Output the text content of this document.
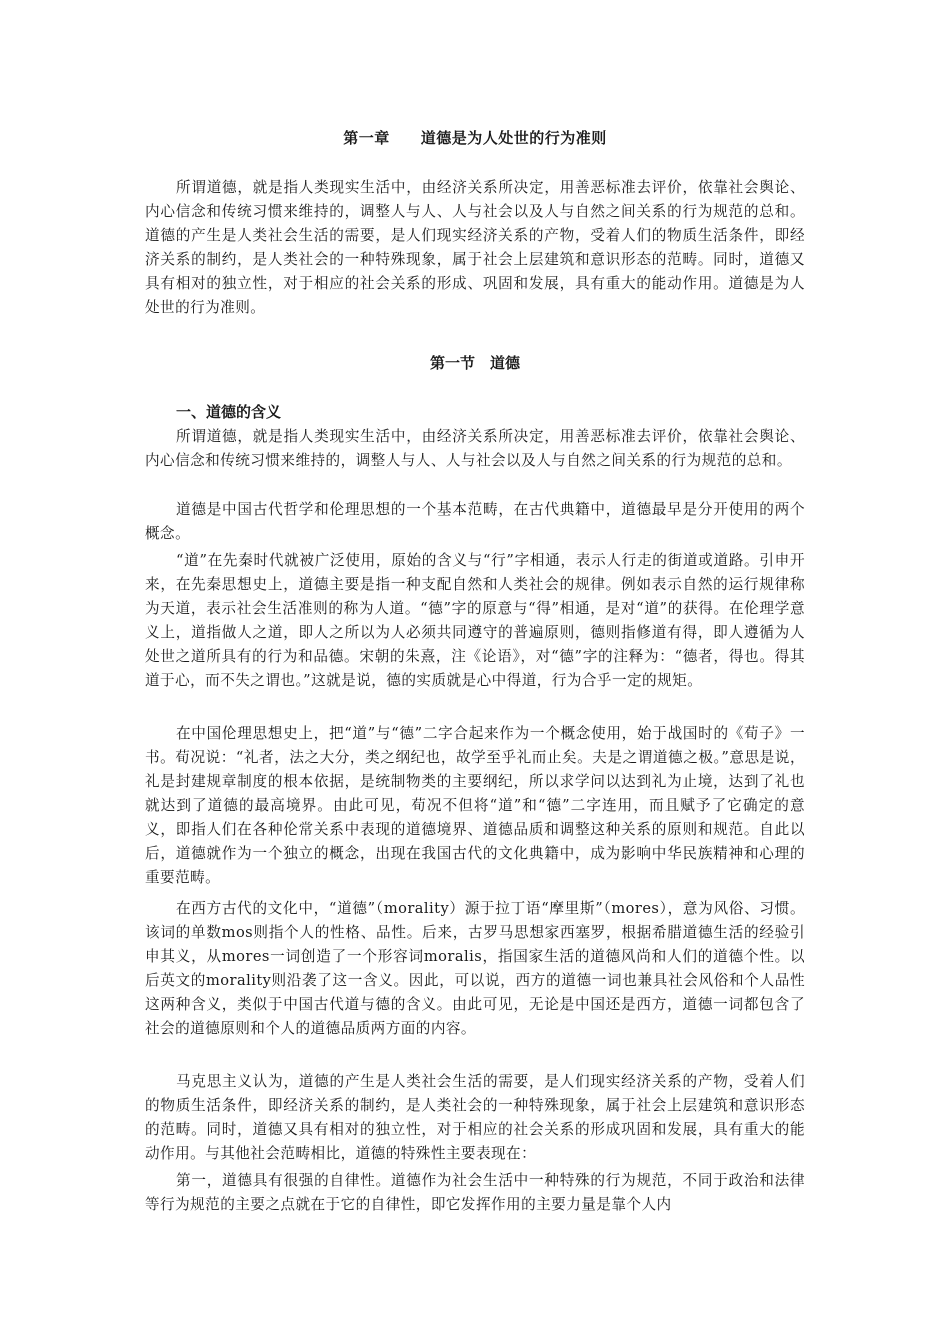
第一章　　道德是为人处世的行为准则

所谓道德，就是指人类现实生活中，由经济关系所决定，用善恶标准去评价，依靠社会舆论、内心信念和传统习惯来维持的，调整人与人、人与社会以及人与自然之间关系的行为规范的总和。道德的产生是人类社会生活的需要，是人们现实经济关系的产物，受着人们的物质生活条件，即经济关系的制约，是人类社会的一种特殊现象，属于社会上层建筑和意识形态的范畴。同时，道德又具有相对的独立性，对于相应的社会关系的形成、巩固和发展，具有重大的能动作用。道德是为人处世的行为准则。

第一节　道德
一、道德的含义

所谓道德，就是指人类现实生活中，由经济关系所决定，用善恶标准去评价，依靠社会舆论、内心信念和传统习惯来维持的，调整人与人、人与社会以及人与自然之间关系的行为规范的总和。

道德是中国古代哲学和伦理思想的一个基本范畴，在古代典籍中，道德最早是分开使用的两个概念。

“道”在先秦时代就被广泛使用，原始的含义与“行”字相通，表示人行走的街道或道路。引申开来，在先秦思想史上，道德主要是指一种支配自然和人类社会的规律。例如表示自然的运行规律称为天道，表示社会生活准则的称为人道。“德”字的原意与“得”相通，是对“道”的获得。在伦理学意义上，道指做人之道，即人之所以为人必须共同遵守的普遍原则，德则指修道有得，即人遵循为人处世之道所具有的行为和品德。宋朝的朱熹，注《论语》，对“德”字的注释为：“德者，得也。得其道于心，而不失之谓也。”这就是说，德的实质就是心中得道，行为合乎一定的规矩。

在中国伦理思想史上，把“道”与“德”二字合起来作为一个概念使用，始于战国时的《荀子》一书。荀况说：“礼者，法之大分，类之纲纪也，故学至乎礼而止矣。夫是之谓道德之极。”意思是说，礼是封建规章制度的根本依据，是统制物类的主要纲纪，所以求学问以达到礼为止境，达到了礼也就达到了道德的最高境界。由此可见，荀况不但将“道”和“德”二字连用，而且赋予了它确定的意义，即指人们在各种伦常关系中表现的道德境界、道德品质和调整这种关系的原则和规范。自此以后，道德就作为一个独立的概念，出现在我国古代的文化典籍中，成为影响中华民族精神和心理的重要范畴。

在西方古代的文化中，“道德”（morality）源于拉丁语“摩里斯”（mores），意为风俗、习惯。该词的单数mos则指个人的性格、品性。后来，古罗马思想家西塞罗，根据希腊道德生活的经验引申其义，从mores一词创造了一个形容词moralis，指国家生活的道德风尚和人们的道德个性。以后英文的morality则沿袭了这一含义。因此，可以说，西方的道德一词也兼具社会风俗和个人品性这两种含义，类似于中国古代道与德的含义。由此可见，无论是中国还是西方，道德一词都包含了社会的道德原则和个人的道德品质两方面的内容。

马克思主义认为，道德的产生是人类社会生活的需要，是人们现实经济关系的产物，受着人们的物质生活条件，即经济关系的制约，是人类社会的一种特殊现象，属于社会上层建筑和意识形态的范畴。同时，道德又具有相对的独立性，对于相应的社会关系的形成巩固和发展，具有重大的能动作用。与其他社会范畴相比，道德的特殊性主要表现在：

第一，道德具有很强的自律性。道德作为社会生活中一种特殊的行为规范，不同于政治和法律等行为规范的主要之点就在于它的自律性，即它发挥作用的主要力量是靠个人内
